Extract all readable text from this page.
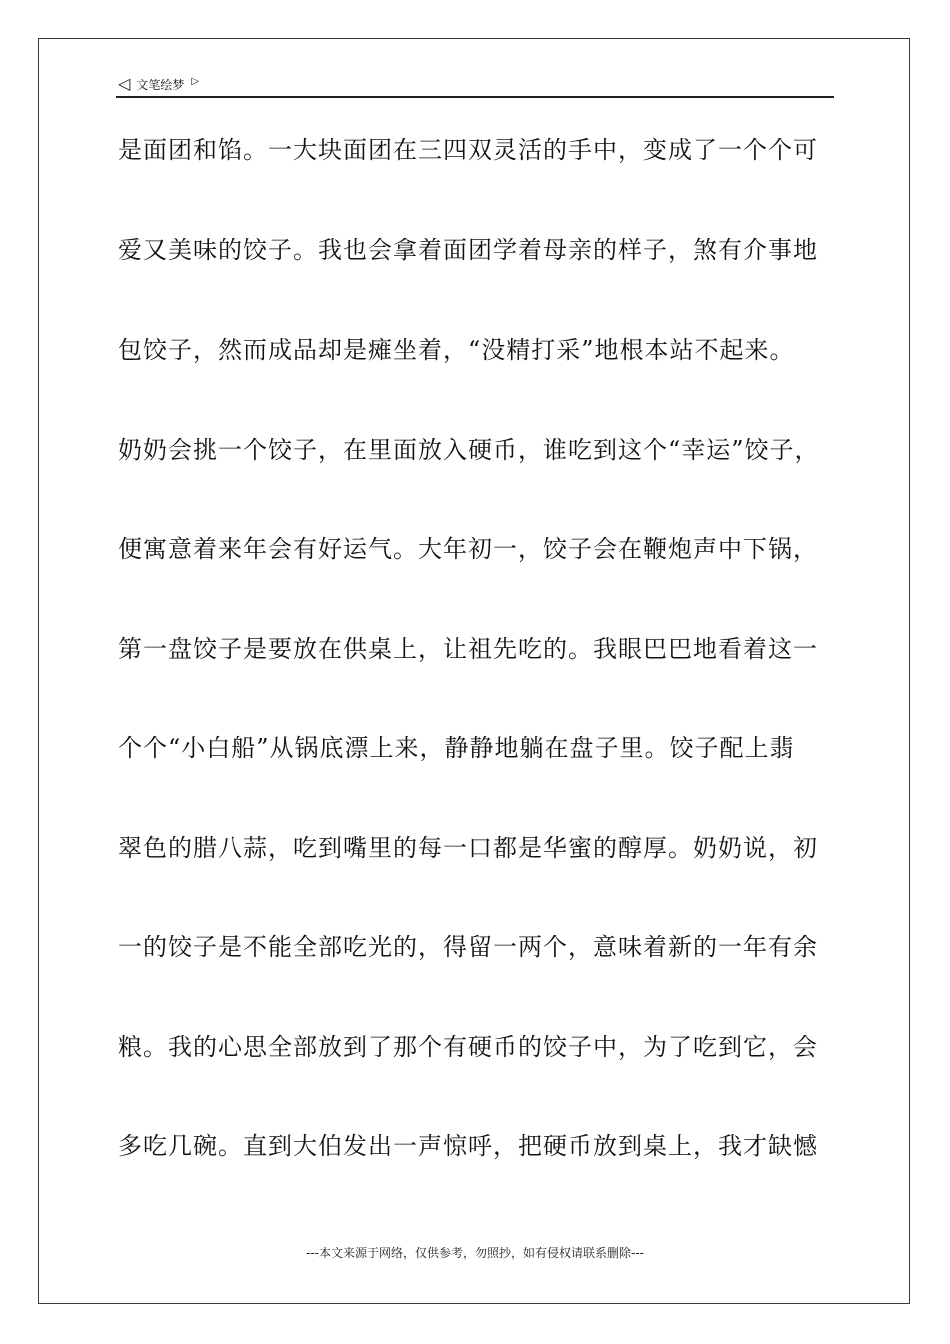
◁ 文笔绘梦 ▷
是面团和馅。一大块面团在三四双灵活的手中，变成了一个个可
爱又美味的饺子。我也会拿着面团学着母亲的样子，煞有介事地
包饺子，然而成品却是瘫坐着，“没精打采”地根本站不起来。
奶奶会挑一个饺子，在里面放入硬币，谁吃到这个“幸运”饺子，
便寓意着来年会有好运气。大年初一，饺子会在鞭炮声中下锅，
第一盘饺子是要放在供桌上，让祖先吃的。我眼巴巴地看着这一
个个“小白船”从锅底漂上来，静静地躺在盘子里。饺子配上翡
翠色的腊八蒜，吃到嘴里的每一口都是华蜜的醇厚。奶奶说，初
一的饺子是不能全部吃光的，得留一两个，意味着新的一年有余
粮。我的心思全部放到了那个有硬币的饺子中，为了吃到它，会
多吃几碗。直到大伯发出一声惊呼，把硬币放到桌上，我才缺憾
---本文来源于网络，仅供参考，勿照抄，如有侵权请联系删除---
